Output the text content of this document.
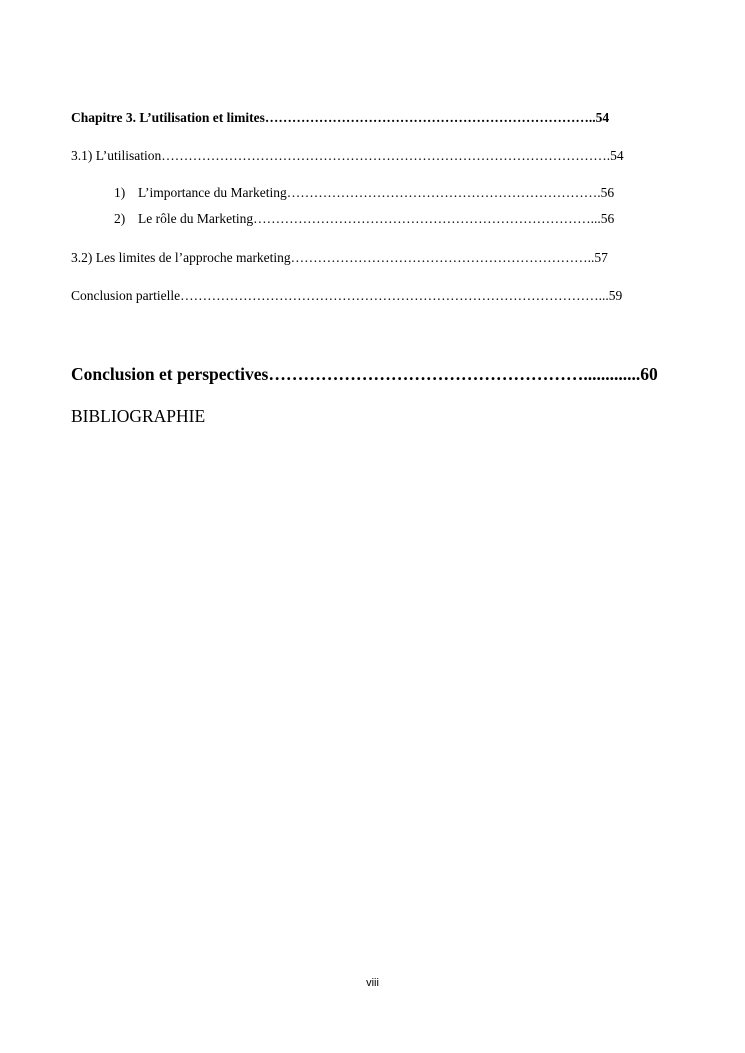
Chapitre 3. L’utilisation et limites………………………………………………………………..54
3.1) L’utilisation……………………………………………………………………………………….54
1) L’importance du Marketing…………………………………………………………….56
2) Le rôle du Marketing…………………………………………………………………...56
3.2) Les limites de l’approche marketing…………………………………………………………..57
Conclusion partielle…………………………………………………………………………………...59
Conclusion et perspectives……………………………………………….............60
BIBLIOGRAPHIE
viii
